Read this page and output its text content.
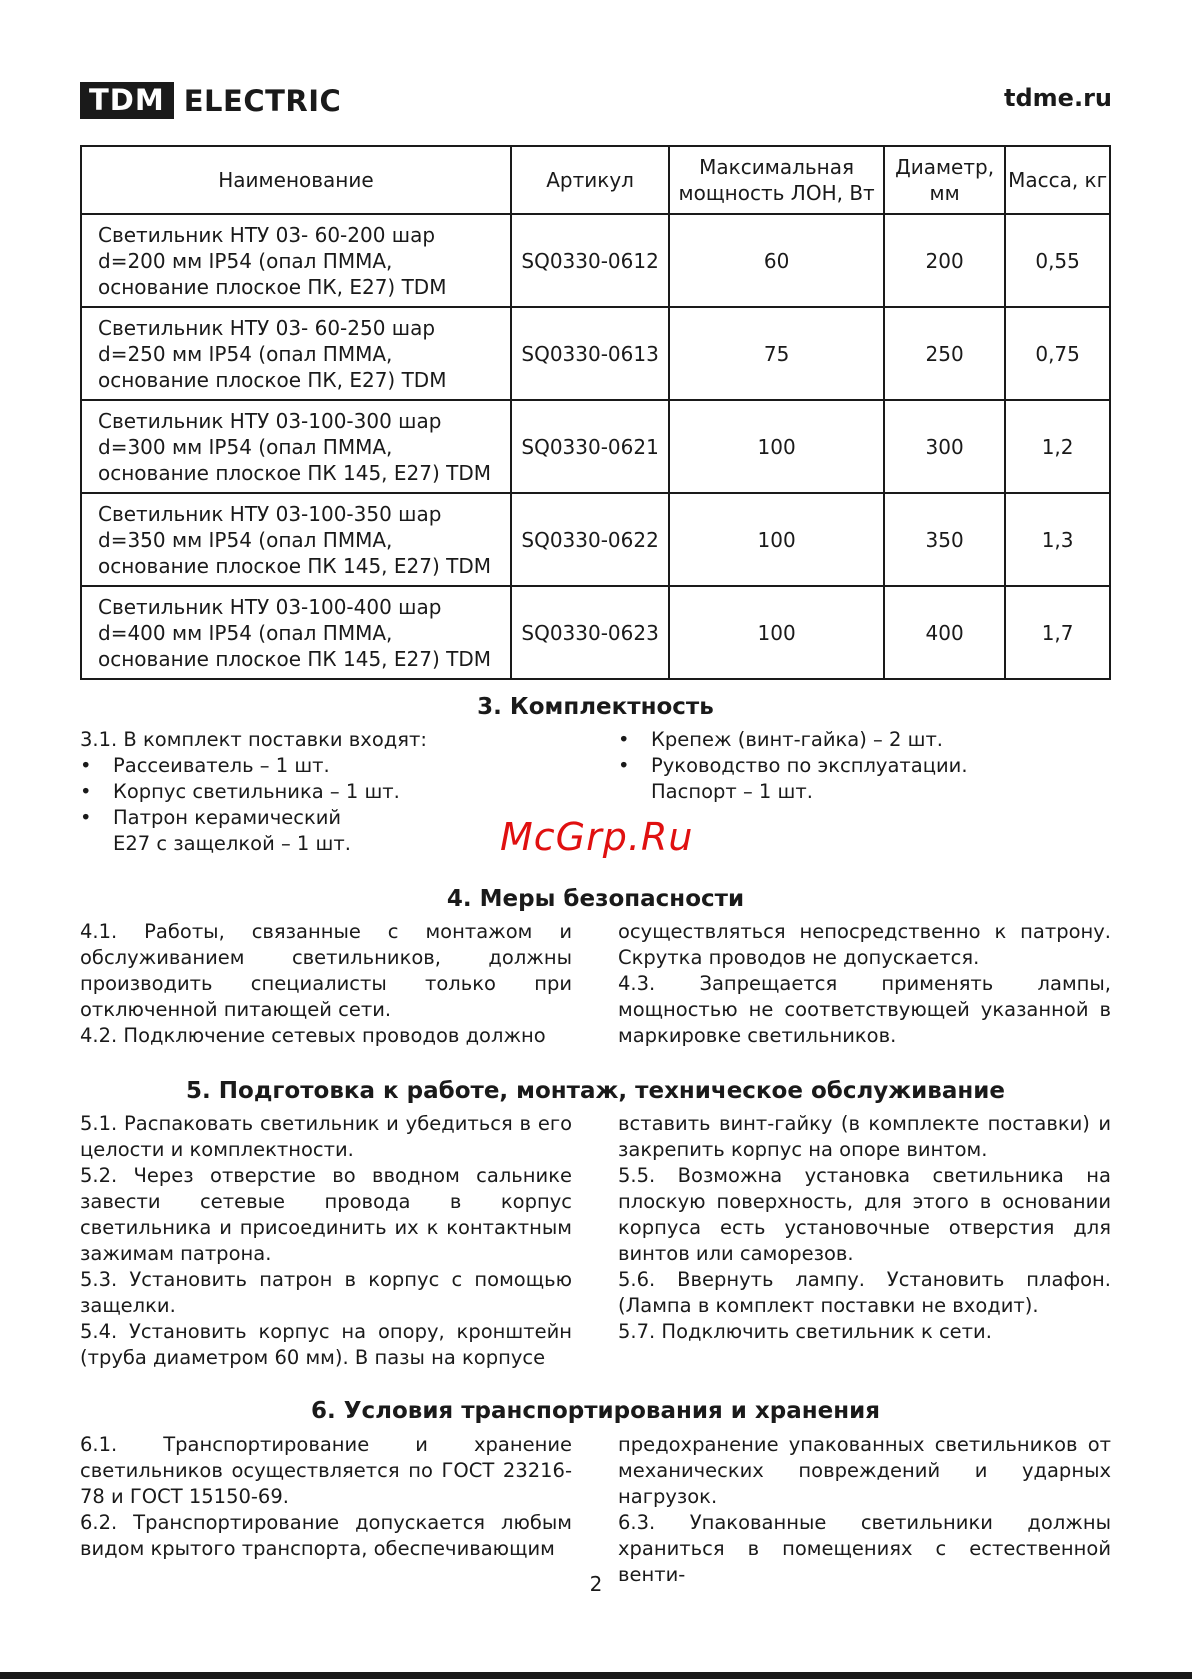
TDM ELECTRIC	tdme.ru
Наименование	Артикул	Максимальная мощность ЛОН, Вт	Диаметр, мм	Масса, кг
Светильник НТУ 03- 60-200 шар d=200 мм IP54 (опал ПММА, основание плоское ПК, Е27) TDM	SQ0330-0612	60	200	0,55
Светильник НТУ 03- 60-250 шар d=250 мм IP54 (опал ПММА, основание плоское ПК, Е27) TDM	SQ0330-0613	75	250	0,75
Светильник НТУ 03-100-300 шар d=300 мм IP54 (опал ПММА, основание плоское ПК 145, Е27) TDM	SQ0330-0621	100	300	1,2
Светильник НТУ 03-100-350 шар d=350 мм IP54 (опал ПММА, основание плоское ПК 145, Е27) TDM	SQ0330-0622	100	350	1,3
Светильник НТУ 03-100-400 шар d=400 мм IP54 (опал ПММА, основание плоское ПК 145, Е27) TDM	SQ0330-0623	100	400	1,7
3. Комплектность
3.1. В комплект поставки входят:
• Рассеиватель – 1 шт.
• Корпус светильника – 1 шт.
• Патрон керамический Е27 с защелкой – 1 шт.
• Крепеж (винт-гайка) – 2 шт.
• Руководство по эксплуатации.
Паспорт – 1 шт.
McGrp.Ru
4. Меры безопасности

4.1. Работы, связанные с монтажом и обслуживанием светильников, должны производить специалисты только при отключенной питающей сети.

4.2. Подключение сетевых проводов должно

осуществляться непосредственно к патрону. Скрутка проводов не допускается.

4.3. Запрещается применять лампы, мощностью не соответствующей указанной в маркировке светильников.

5. Подготовка к работе, монтаж, техническое обслуживание

5.1. Распаковать светильник и убедиться в его целости и комплектности.

5.2. Через отверстие во вводном сальнике завести сетевые провода в корпус светильника и присоединить их к контактным зажимам патрона.

5.3. Установить патрон в корпус с помощью защелки.

5.4. Установить корпус на опору, кронштейн (труба диаметром 60 мм). В пазы на корпусе

вставить винт-гайку (в комплекте поставки) и закрепить корпус на опоре винтом.

5.5. Возможна установка светильника на плоскую поверхность, для этого в основании корпуса есть установочные отверстия для винтов или саморезов.

5.6. Ввернуть лампу. Установить плафон. (Лампа в комплект поставки не входит).

5.7. Подключить светильник к сети.

6. Условия транспортирования и хранения

6.1. Транспортирование и хранение светильников осуществляется по ГОСТ 23216-78 и ГОСТ 15150-69.

6.2. Транспортирование допускается любым видом крытого транспорта, обеспечивающим

предохранение упакованных светильников от механических повреждений и ударных нагрузок.

6.3. Упакованные светильники должны храниться в помещениях с естественной венти-

2
